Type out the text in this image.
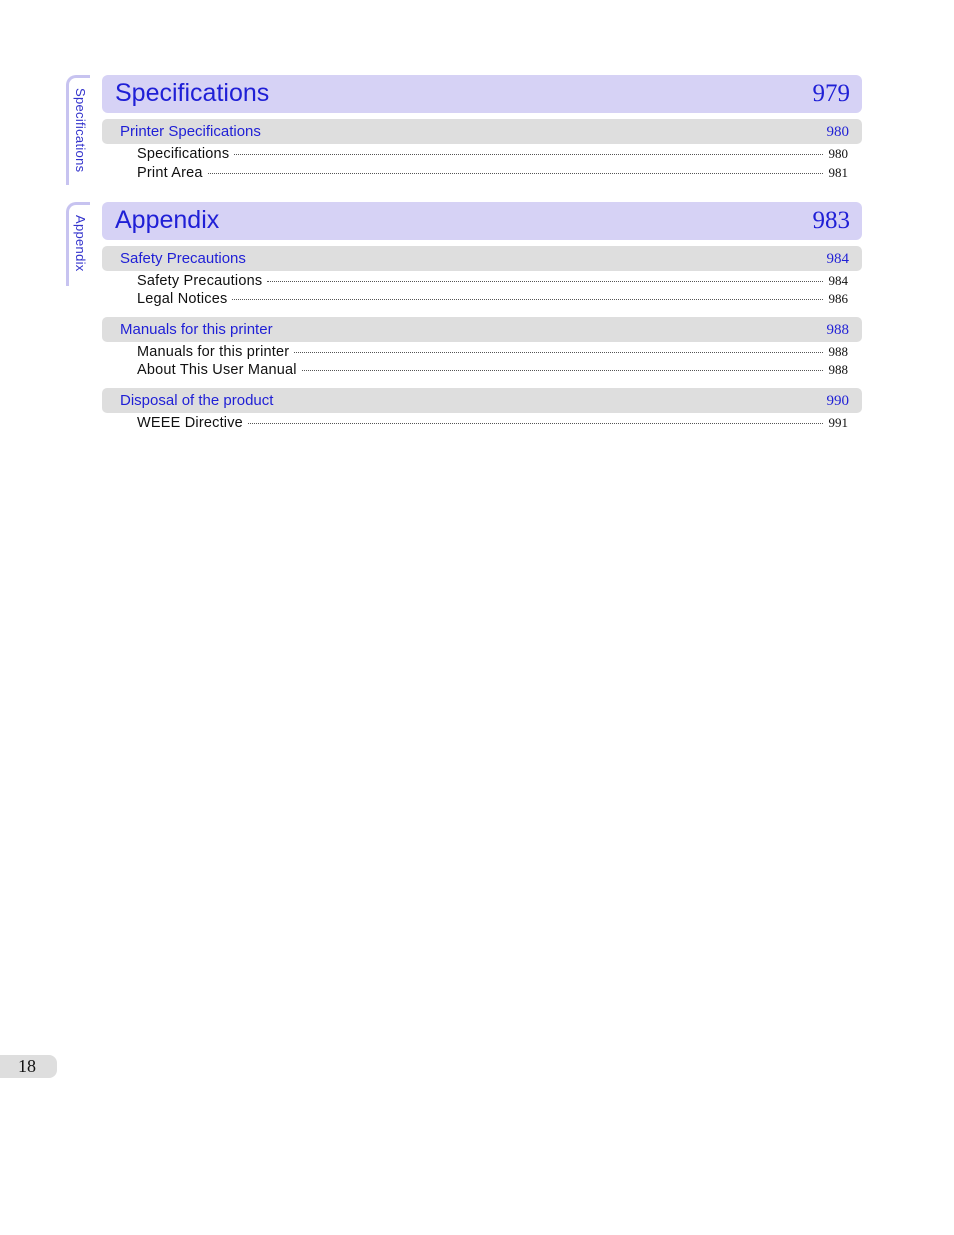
Specifications
Appendix
Specifications	979
Printer Specifications	980
Specifications	980
Print Area	981
Appendix	983
Safety Precautions	984
Safety Precautions	984
Legal Notices	986
Manuals for this printer	988
Manuals for this printer	988
About This User Manual	988
Disposal of the product	990
WEEE Directive	991
18
